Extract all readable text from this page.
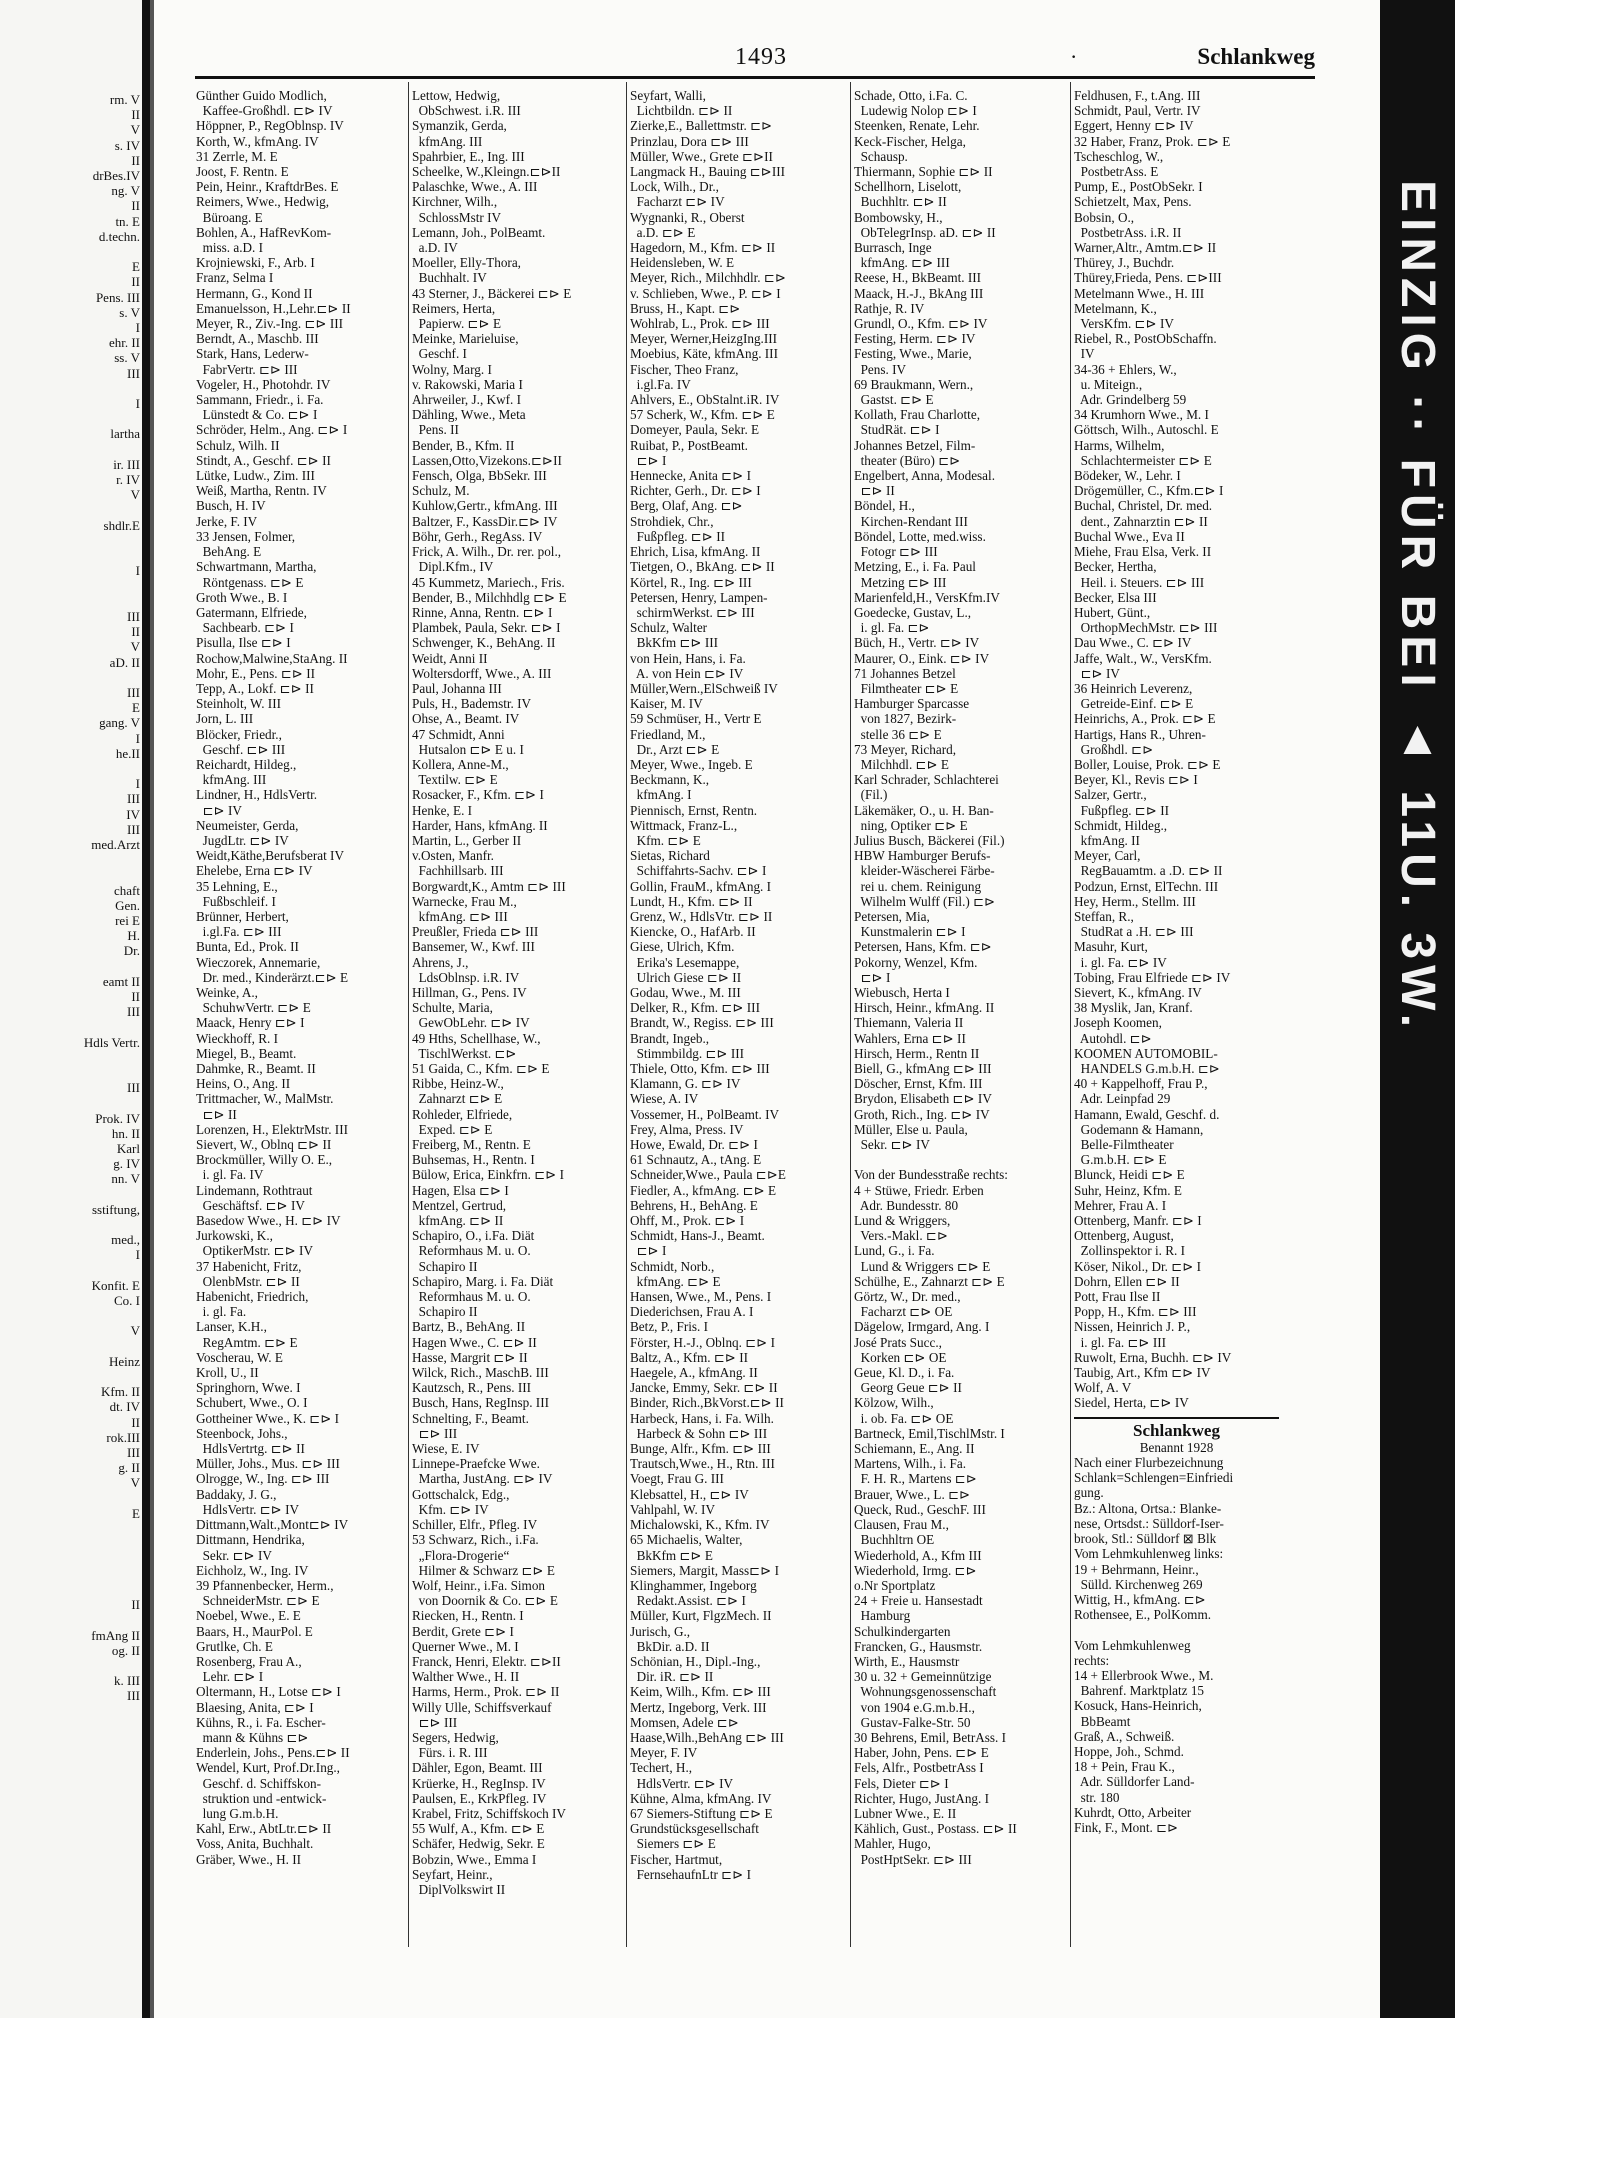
rm. V
II
V
s. IV
II
drBes.IV
ng. V
II
tn. E
d.techn.

E
II
Pens. III
s. V
I
ehr. II
ss. V
III

I

lartha

ir. III
r. IV
V

shdlr.E

I

III
II
V
aD. II

III
E
gang. V
I
he.II

I
III
IV
III
med.Arzt

chaft
Gen.
rei E
H.
Dr.

eamt II
II
III

Hdls Vertr.

III

Prok. IV
hn. II
Karl
g. IV
nn. V

sstiftung,

med.,
I

Konfit. E
Co. I

V

Heinz

Kfm. II
dt. IV
II
rok.III
III
g. II
V

E

II

fmAng II
og. II

k. III
III
EINZIG ·· FÜR BEI ▲ 11U. 3W.
1493	·	Schlankweg
Günther Guido Modlich,
Kaffee-Großhdl. ⊏⊳ IV
Höppner, P., RegOblnsp. IV
Korth, W., kfmAng. IV
31 Zerrle, M. E
Joost, F. Rentn. E
Pein, Heinr., KraftdrBes. E
Reimers, Wwe., Hedwig,
Büroang. E
Bohlen, A., HafRevKom-
miss. a.D. I
Krojniewski, F., Arb. I
Franz, Selma I
Hermann, G., Kond II
Emanuelsson, H.,Lehr.⊏⊳ II
Meyer, R., Ziv.-Ing. ⊏⊳ III
Berndt, A., Maschb. III
Stark, Hans, Lederw-
FabrVertr. ⊏⊳ III
Vogeler, H., Photohdr. IV
Sammann, Friedr., i. Fa.
Lünstedt & Co. ⊏⊳ I
Schröder, Helm., Ang. ⊏⊳ I
Schulz, Wilh. II
Stindt, A., Geschf. ⊏⊳ II
Lütke, Ludw., Zim. III
Weiß, Martha, Rentn. IV
Busch, H. IV
Jerke, F. IV
33 Jensen, Folmer,
BehAng. E
Schwartmann, Martha,
Röntgenass. ⊏⊳ E
Groth Wwe., B. I
Gatermann, Elfriede,
Sachbearb. ⊏⊳ I
Pisulla, Ilse ⊏⊳ I
Rochow,Malwine,StaAng. II
Mohr, E., Pens. ⊏⊳ II
Tepp, A., Lokf. ⊏⊳ II
Steinholt, W. III
Jorn, L. III
Blöcker, Friedr.,
Geschf. ⊏⊳ III
Reichardt, Hildeg.,
kfmAng. III
Lindner, H., HdlsVertr.
⊏⊳ IV
Neumeister, Gerda,
JugdLtr. ⊏⊳ IV
Weidt,Käthe,Berufsberat IV
Ehelebe, Erna ⊏⊳ IV
35 Lehning, E.,
Fußbschleif. I
Brünner, Herbert,
i.gl.Fa. ⊏⊳ III
Bunta, Ed., Prok. II
Wieczorek, Annemarie,
Dr. med., Kinderärzt.⊏⊳ E
Weinke, A.,
SchuhwVertr. ⊏⊳ E
Maack, Henry ⊏⊳ I
Wieckhoff, R. I
Miegel, B., Beamt.
Dahmke, R., Beamt. II
Heins, O., Ang. II
Trittmacher, W., MalMstr.
⊏⊳ II
Lorenzen, H., ElektrMstr. III
Sievert, W., Oblnq ⊏⊳ II
Brockmüller, Willy O. E.,
i. gl. Fa. IV
Lindemann, Rothtraut
Geschäftsf. ⊏⊳ IV
Basedow Wwe., H. ⊏⊳ IV
Jurkowski, K.,
OptikerMstr. ⊏⊳ IV
37 Habenicht, Fritz,
OlenbMstr. ⊏⊳ II
Habenicht, Friedrich,
i. gl. Fa.
Lanser, K.H.,
RegAmtm. ⊏⊳ E
Voscherau, W. E
Kroll, U., II
Springhorn, Wwe. I
Schubert, Wwe., O. I
Gottheiner Wwe., K. ⊏⊳ I
Steenbock, Johs.,
HdlsVertrtg. ⊏⊳ II
Müller, Johs., Mus. ⊏⊳ III
Olrogge, W., Ing. ⊏⊳ III
Baddaky, J. G.,
HdlsVertr. ⊏⊳ IV
Dittmann,Walt.,Mont⊏⊳ IV
Dittmann, Hendrika,
Sekr. ⊏⊳ IV
Eichholz, W., Ing. IV
39 Pfannenbecker, Herm.,
SchneiderMstr. ⊏⊳ E
Noebel, Wwe., E. E
Baars, H., MaurPol. E
Grutlke, Ch. E
Rosenberg, Frau A.,
Lehr. ⊏⊳ I
Oltermann, H., Lotse ⊏⊳ I
Blaesing, Anita, ⊏⊳ I
Kühns, R., i. Fa. Escher-
mann & Kühns ⊏⊳
Enderlein, Johs., Pens.⊏⊳ II
Wendel, Kurt, Prof.Dr.Ing.,
Geschf. d. Schiffskon-
struktion und -entwick-
lung G.m.b.H.
Kahl, Erw., AbtLtr.⊏⊳ II
Voss, Anita, Buchhalt.
Gräber, Wwe., H. II
Lettow, Hedwig,
ObSchwest. i.R. III
Symanzik, Gerda,
kfmAng. III
Spahrbier, E., Ing. III
Scheelke, W.,Kleingn.⊏⊳II
Palaschke, Wwe., A. III
Kirchner, Wilh.,
SchlossMstr IV
Lemann, Joh., PolBeamt.
a.D. IV
Moeller, Elly-Thora,
Buchhalt. IV
43 Sterner, J., Bäckerei ⊏⊳ E
Reimers, Herta,
Papierw. ⊏⊳ E
Meinke, Marieluise,
Geschf. I
Wolny, Marg. I
v. Rakowski, Maria I
Ahrweiler, J., Kwf. I
Dähling, Wwe., Meta
Pens. II
Bender, B., Kfm. II
Lassen,Otto,Vizekons.⊏⊳II
Fensch, Olga, BbSekr. III
Schulz, M.
Kuhlow,Gertr., kfmAng. III
Baltzer, F., KassDir.⊏⊳ IV
Böhr, Gerh., RegAss. IV
Frick, A. Wilh., Dr. rer. pol.,
Dipl.Kfm., IV
45 Kummetz, Mariech., Fris.
Bender, B., Milchhdlg ⊏⊳ E
Rinne, Anna, Rentn. ⊏⊳ I
Plambek, Paula, Sekr. ⊏⊳ I
Schwenger, K., BehAng. II
Weidt, Anni II
Woltersdorff, Wwe., A. III
Paul, Johanna III
Puls, H., Bademstr. IV
Ohse, A., Beamt. IV
47 Schmidt, Anni
Hutsalon ⊏⊳ E u. I
Kollera, Anne-M.,
Textilw. ⊏⊳ E
Rosacker, F., Kfm. ⊏⊳ I
Henke, E. I
Harder, Hans, kfmAng. II
Martin, L., Gerber II
v.Osten, Manfr.
Fachhillsarb. III
Borgwardt,K., Amtm ⊏⊳ III
Warnecke, Frau M.,
kfmAng. ⊏⊳ III
Preußler, Frieda ⊏⊳ III
Bansemer, W., Kwf. III
Ahrens, J.,
LdsOblnsp. i.R. IV
Hillman, G., Pens. IV
Schulte, Maria,
GewObLehr. ⊏⊳ IV
49 Hths, Schellhase, W.,
TischlWerkst. ⊏⊳
51 Gaida, C., Kfm. ⊏⊳ E
Ribbe, Heinz-W.,
Zahnarzt ⊏⊳ E
Rohleder, Elfriede,
Exped. ⊏⊳ E
Freiberg, M., Rentn. E
Buhsemas, H., Rentn. I
Bülow, Erica, Einkfrn. ⊏⊳ I
Hagen, Elsa ⊏⊳ I
Mentzel, Gertrud,
kfmAng. ⊏⊳ II
Schapiro, O., i.Fa. Diät
Reformhaus M. u. O.
Schapiro II
Schapiro, Marg. i. Fa. Diät
Reformhaus M. u. O.
Schapiro II
Bartz, B., BehAng. II
Hagen Wwe., C. ⊏⊳ II
Hasse, Margrit ⊏⊳ II
Wilck, Rich., MaschB. III
Kautzsch, R., Pens. III
Busch, Hans, RegInsp. III
Schnelting, F., Beamt.
⊏⊳ III
Wiese, E. IV
Linnepe-Praefcke Wwe.
Martha, JustAng. ⊏⊳ IV
Gottschalck, Edg.,
Kfm. ⊏⊳ IV
Schiller, Elfr., Pfleg. IV
53 Schwarz, Rich., i.Fa.
„Flora-Drogerie“
Hilmer & Schwarz ⊏⊳ E
Wolf, Heinr., i.Fa. Simon
von Doornik & Co. ⊏⊳ E
Riecken, H., Rentn. I
Berdit, Grete ⊏⊳ I
Querner Wwe., M. I
Franck, Henri, Elektr. ⊏⊳II
Walther Wwe., H. II
Harms, Herm., Prok. ⊏⊳ II
Willy Ulle, Schiffsverkauf
⊏⊳ III
Segers, Hedwig,
Fürs. i. R. III
Dähler, Egon, Beamt. III
Krüerke, H., RegInsp. IV
Paulsen, E., KrkPfleg. IV
Krabel, Fritz, Schiffskoch IV
55 Wulf, A., Kfm. ⊏⊳ E
Schäfer, Hedwig, Sekr. E
Bobzin, Wwe., Emma I
Seyfart, Heinr.,
DiplVolkswirt II
Seyfart, Walli,
Lichtbildn. ⊏⊳ II
Zierke,E., Ballettmstr. ⊏⊳
Prinzlau, Dora ⊏⊳ III
Müller, Wwe., Grete ⊏⊳II
Langmack H., Bauing ⊏⊳III
Lock, Wilh., Dr.,
Facharzt ⊏⊳ IV
Wygnanki, R., Oberst
a.D. ⊏⊳ E
Hagedorn, M., Kfm. ⊏⊳ II
Heidensleben, W. E
Meyer, Rich., Milchhdlr. ⊏⊳
v. Schlieben, Wwe., P. ⊏⊳ I
Bruss, H., Kapt. ⊏⊳
Wohlrab, L., Prok. ⊏⊳ III
Meyer, Werner,HeizgIng.III
Moebius, Käte, kfmAng. III
Fischer, Theo Franz,
i.gl.Fa. IV
Ahlvers, E., ObStalnt.iR. IV
57 Scherk, W., Kfm. ⊏⊳ E
Domeyer, Paula, Sekr. E
Ruibat, P., PostBeamt.
⊏⊳ I
Hennecke, Anita ⊏⊳ I
Richter, Gerh., Dr. ⊏⊳ I
Berg, Olaf, Ang. ⊏⊳
Strohdiek, Chr.,
Fußpfleg. ⊏⊳ II
Ehrich, Lisa, kfmAng. II
Tietgen, O., BkAng. ⊏⊳ II
Körtel, R., Ing. ⊏⊳ III
Petersen, Henry, Lampen-
schirmWerkst. ⊏⊳ III
Schulz, Walter
BkKfm ⊏⊳ III
von Hein, Hans, i. Fa.
A. von Hein ⊏⊳ IV
Müller,Wern.,ElSchweiß IV
Kaiser, M. IV
59 Schmüser, H., Vertr E
Friedland, M.,
Dr., Arzt ⊏⊳ E
Meyer, Wwe., Ingeb. E
Beckmann, K.,
kfmAng. I
Piennisch, Ernst, Rentn.
Wittmack, Franz-L.,
Kfm. ⊏⊳ E
Sietas, Richard
Schiffahrts-Sachv. ⊏⊳ I
Gollin, FrauM., kfmAng. I
Lundt, H., Kfm. ⊏⊳ II
Grenz, W., HdlsVtr. ⊏⊳ II
Kiencke, O., HafArb. II
Giese, Ulrich, Kfm.
Erika's Lesemappe,
Ulrich Giese ⊏⊳ II
Godau, Wwe., M. III
Delker, R., Kfm. ⊏⊳ III
Brandt, W., Regiss. ⊏⊳ III
Brandt, Ingeb.,
Stimmbildg. ⊏⊳ III
Thiele, Otto, Kfm. ⊏⊳ III
Klamann, G. ⊏⊳ IV
Wiese, A. IV
Vossemer, H., PolBeamt. IV
Frey, Alma, Press. IV
Howe, Ewald, Dr. ⊏⊳ I
61 Schnautz, A., tAng. E
Schneider,Wwe., Paula ⊏⊳E
Fiedler, A., kfmAng. ⊏⊳ E
Behrens, H., BehAng. E
Ohff, M., Prok. ⊏⊳ I
Schmidt, Hans-J., Beamt.
⊏⊳ I
Schmidt, Norb.,
kfmAng. ⊏⊳ E
Hansen, Wwe., M., Pens. I
Diederichsen, Frau A. I
Betz, P., Fris. I
Förster, H.-J., Oblnq. ⊏⊳ I
Baltz, A., Kfm. ⊏⊳ II
Haegele, A., kfmAng. II
Jancke, Emmy, Sekr. ⊏⊳ II
Binder, Rich.,BkVorst.⊏⊳ II
Harbeck, Hans, i. Fa. Wilh.
Harbeck & Sohn ⊏⊳ III
Bunge, Alfr., Kfm. ⊏⊳ III
Trautsch,Wwe., H., Rtn. III
Voegt, Frau G. III
Klebsattel, H., ⊏⊳ IV
Vahlpahl, W. IV
Michalowski, K., Kfm. IV
65 Michaelis, Walter,
BkKfm ⊏⊳ E
Siemers, Margit, Mass⊏⊳ I
Klinghammer, Ingeborg
Redakt.Assist. ⊏⊳ I
Müller, Kurt, FlgzMech. II
Jurisch, G.,
BkDir. a.D. II
Schönian, H., Dipl.-Ing.,
Dir. iR. ⊏⊳ II
Keim, Wilh., Kfm. ⊏⊳ III
Mertz, Ingeborg, Verk. III
Momsen, Adele ⊏⊳
Haase,Wilh.,BehAng ⊏⊳ III
Meyer, F. IV
Techert, H.,
HdlsVertr. ⊏⊳ IV
Kühne, Alma, kfmAng. IV
67 Siemers-Stiftung ⊏⊳ E
Grundstücksgesellschaft
Siemers ⊏⊳ E
Fischer, Hartmut,
FernsehaufnLtr ⊏⊳ I
Schade, Otto, i.Fa. C.
Ludewig Nolop ⊏⊳ I
Steenken, Renate, Lehr.
Keck-Fischer, Helga,
Schausp.
Thiermann, Sophie ⊏⊳ II
Schellhorn, Liselott,
Buchhltr. ⊏⊳ II
Bombowsky, H.,
ObTelegrInsp. aD. ⊏⊳ II
Burrasch, Inge
kfmAng. ⊏⊳ III
Reese, H., BkBeamt. III
Maack, H.-J., BkAng III
Rathje, R. IV
Grundl, O., Kfm. ⊏⊳ IV
Festing, Herm. ⊏⊳ IV
Festing, Wwe., Marie,
Pens. IV
69 Braukmann, Wern.,
Gastst. ⊏⊳ E
Kollath, Frau Charlotte,
StudRät. ⊏⊳ I
Johannes Betzel, Film-
theater (Büro) ⊏⊳
Engelbert, Anna, Modesal.
⊏⊳ II
Böndel, H.,
Kirchen-Rendant III
Böndel, Lotte, med.wiss.
Fotogr ⊏⊳ III
Metzing, E., i. Fa. Paul
Metzing ⊏⊳ III
Marienfeld,H., VersKfm.IV
Goedecke, Gustav, L.,
i. gl. Fa. ⊏⊳
Büch, H., Vertr. ⊏⊳ IV
Maurer, O., Eink. ⊏⊳ IV
71 Johannes Betzel
Filmtheater ⊏⊳ E
Hamburger Sparcasse
von 1827, Bezirk-
stelle 36 ⊏⊳ E
73 Meyer, Richard,
Milchhdl. ⊏⊳ E
Karl Schrader, Schlachterei
(Fil.)
Läkemäker, O., u. H. Ban-
ning, Optiker ⊏⊳ E
Julius Busch, Bäckerei (Fil.)
HBW Hamburger Berufs-
kleider-Wäscherei Färbe-
rei u. chem. Reinigung
Wilhelm Wulff (Fil.) ⊏⊳
Petersen, Mia,
Kunstmalerin ⊏⊳ I
Petersen, Hans, Kfm. ⊏⊳
Pokorny, Wenzel, Kfm.
⊏⊳ I
Wiebusch, Herta I
Hirsch, Heinr., kfmAng. II
Thiemann, Valeria II
Wahlers, Erna ⊏⊳ II
Hirsch, Herm., Rentn II
Biell, G., kfmAng ⊏⊳ III
Döscher, Ernst, Kfm. III
Brydon, Elisabeth ⊏⊳ IV
Groth, Rich., Ing. ⊏⊳ IV
Müller, Else u. Paula,
Sekr. ⊏⊳ IV

Von der Bundesstraße rechts:
4 + Stüwe, Friedr. Erben
Adr. Bundesstr. 80
Lund & Wriggers,
Vers.-Makl. ⊏⊳
Lund, G., i. Fa.
Lund & Wriggers ⊏⊳ E
Schülhe, E., Zahnarzt ⊏⊳ E
Görtz, W., Dr. med.,
Facharzt ⊏⊳ OE
Dägelow, Irmgard, Ang. I
José Prats Succ.,
Korken ⊏⊳ OE
Geue, Kl. D., i. Fa.
Georg Geue ⊏⊳ II
Kölzow, Wilh.,
i. ob. Fa. ⊏⊳ OE
Bartneck, Emil,TischlMstr. I
Schiemann, E., Ang. II
Martens, Wilh., i. Fa.
F. H. R., Martens ⊏⊳
Brauer, Wwe., L. ⊏⊳
Queck, Rud., GeschF. III
Clausen, Frau M.,
Buchhltrn OE
Wiederhold, A., Kfm III
Wiederhold, Irmg. ⊏⊳
o.Nr Sportplatz
24 + Freie u. Hansestadt
Hamburg
Schulkindergarten
Francken, G., Hausmstr.
Wirth, E., Hausmstr
30 u. 32 + Gemeinnützige
Wohnungsgenossenschaft
von 1904 e.G.m.b.H.,
Gustav-Falke-Str. 50
30 Behrens, Emil, BetrAss. I
Haber, John, Pens. ⊏⊳ E
Fels, Alfr., PostbetrAss I
Fels, Dieter ⊏⊳ I
Richter, Hugo, JustAng. I
Lubner Wwe., E. II
Kählich, Gust., Postass. ⊏⊳ II
Mahler, Hugo,
PostHptSekr. ⊏⊳ III
Feldhusen, F., t.Ang. III
Schmidt, Paul, Vertr. IV
Eggert, Henny ⊏⊳ IV
32 Haber, Franz, Prok. ⊏⊳ E
Tscheschlog, W.,
PostbetrAss. E
Pump, E., PostObSekr. I
Schietzelt, Max, Pens.
Bobsin, O.,
PostbetrAss. i.R. II
Warner,Altr., Amtm.⊏⊳ II
Thürey, J., Buchdr.
Thürey,Frieda, Pens. ⊏⊳III
Metelmann Wwe., H. III
Metelmann, K.,
VersKfm. ⊏⊳ IV
Riebel, R., PostObSchaffn.
IV
34-36 + Ehlers, W.,
u. Miteign.,
Adr. Grindelberg 59
34 Krumhorn Wwe., M. I
Göttsch, Wilh., Autoschl. E
Harms, Wilhelm,
Schlachtermeister ⊏⊳ E
Bödeker, W., Lehr. I
Drögemüller, C., Kfm.⊏⊳ I
Buchal, Christel, Dr. med.
dent., Zahnarztin ⊏⊳ II
Buchal Wwe., Eva II
Miehe, Frau Elsa, Verk. II
Becker, Hertha,
Heil. i. Steuers. ⊏⊳ III
Becker, Elsa III
Hubert, Günt.,
OrthopMechMstr. ⊏⊳ III
Dau Wwe., C. ⊏⊳ IV
Jaffe, Walt., W., VersKfm.
⊏⊳ IV
36 Heinrich Leverenz,
Getreide-Einf. ⊏⊳ E
Heinrichs, A., Prok. ⊏⊳ E
Hartigs, Hans R., Uhren-
Großhdl. ⊏⊳
Boller, Louise, Prok. ⊏⊳ E
Beyer, Kl., Revis ⊏⊳ I
Salzer, Gertr.,
Fußpfleg. ⊏⊳ II
Schmidt, Hildeg.,
kfmAng. II
Meyer, Carl,
RegBauamtm. a .D. ⊏⊳ II
Podzun, Ernst, ElTechn. III
Hey, Herm., Stellm. III
Steffan, R.,
StudRat a .H. ⊏⊳ III
Masuhr, Kurt,
i. gl. Fa. ⊏⊳ IV
Tobing, Frau Elfriede ⊏⊳ IV
Sievert, K., kfmAng. IV
38 Myslik, Jan, Kranf.
Joseph Koomen,
Autohdl. ⊏⊳
KOOMEN AUTOMOBIL-
HANDELS G.m.b.H. ⊏⊳
40 + Kappelhoff, Frau P.,
Adr. Leinpfad 29
Hamann, Ewald, Geschf. d.
Godemann & Hamann,
Belle-Filmtheater
G.m.b.H. ⊏⊳ E
Blunck, Heidi ⊏⊳ E
Suhr, Heinz, Kfm. E
Mehrer, Frau A. I
Ottenberg, Manfr. ⊏⊳ I
Ottenberg, August,
Zollinspektor i. R. I
Köser, Nikol., Dr. ⊏⊳ I
Dohrn, Ellen ⊏⊳ II
Pott, Frau Ilse II
Popp, H., Kfm. ⊏⊳ III
Nissen, Heinrich J. P.,
i. gl. Fa. ⊏⊳ III
Ruwolt, Erna, Buchh. ⊏⊳ IV
Taubig, Art., Kfm ⊏⊳ IV
Wolf, A. V
Siedel, Herta, ⊏⊳ IV
Schlankweg
Benannt 1928
Nach einer Flurbezeichnung
Schlank=Schlengen=Einfriedi
gung.
Bz.: Altona, Ortsa.: Blanke-
nese, Ortsdst.: Sülldorf-Iser-
brook, Stl.: Sülldorf ⊠ Blk
Vom Lehmkuhlenweg links:
19 + Behrmann, Heinr.,
Sülld. Kirchenweg 269
Wittig, H., kfmAng. ⊏⊳
Rothensee, E., PolKomm.

Vom Lehmkuhlenweg
rechts:
14 + Ellerbrook Wwe., M.
Bahrenf. Marktplatz 15
Kosuck, Hans-Heinrich,
BbBeamt
Graß, A., Schweiß.
Hoppe, Joh., Schmd.
18 + Pein, Frau K.,
Adr. Sülldorfer Land-
str. 180
Kuhrdt, Otto, Arbeiter
Fink, F., Mont. ⊏⊳
